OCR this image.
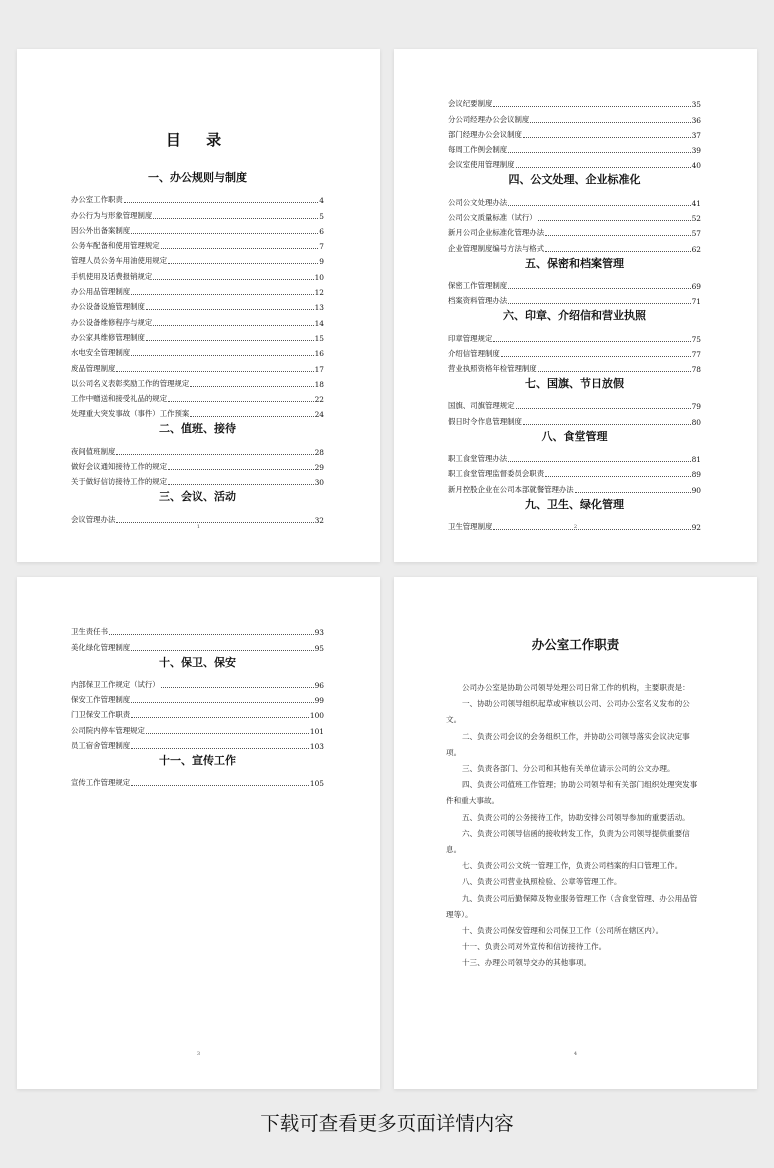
目 录
一、办公规则与制度
办公室工作职责	4
办公行为与形象管理制度	5
因公外出备案制度	6
公务车配备和使用管理规定	7
管理人员公务车用油使用规定	9
手机使用及话费报销规定	10
办公用品管理制度	12
办公设备设施管理制度	13
办公设备维修程序与规定	14
办公家具维修管理制度	15
水电安全管理制度	16
废品管理制度	17
以公司名义表彰奖励工作的管理规定	18
工作中赠送和接受礼品的规定	22
处理重大突发事故（事件）工作预案	24
二、值班、接待
夜间值班制度	28
做好会议通知接待工作的规定	29
关于做好信访接待工作的规定	30
三、会议、活动
会议管理办法	32
1
会议纪要制度	35
分公司经理办公会议制度	36
部门经理办公会议制度	37
每周工作例会制度	39
会议室使用管理制度	40
四、公文处理、企业标准化
公司公文处理办法	41
公司公文质量标准（试行）	52
新月公司企业标准化管理办法	57
企业管理制度编号方法与格式	62
五、保密和档案管理
保密工作管理制度	69
档案资料管理办法	71
六、印章、介绍信和营业执照
印章管理规定	75
介绍信管理制度	77
营业执照资格年检管理制度	78
七、国旗、节日放假
国旗、司旗管理规定	79
假日时令作息管理制度	80
八、食堂管理
职工食堂管理办法	81
职工食堂管理监督委员会职责	89
新月控股企业在公司本部就餐管理办法	90
九、卫生、绿化管理
卫生管理制度	92
2
卫生责任书	93
美化绿化管理制度	95
十、保卫、保安
内部保卫工作规定（试行）	96
保安工作管理制度	99
门卫保安工作职责	100
公司院内停车管理规定	101
员工宿舍管理制度	103
十一、宣传工作
宣传工作管理规定	105
3
办公室工作职责

公司办公室是协助公司领导处理公司日常工作的机构，主要职责是：

一、协助公司领导组织起草或审核以公司、公司办公室名义发布的公文。

二、负责公司会议的会务组织工作，并协助公司领导落实会议决定事项。

三、负责各部门、分公司和其他有关单位请示公司的公文办理。

四、负责公司值班工作管理；协助公司领导和有关部门组织处理突发事件和重大事故。

五、负责公司的公务接待工作，协助安排公司领导参加的重要活动。

六、负责公司领导信函的接收转发工作，负责为公司领导提供重要信息。

七、负责公司公文统一管理工作，负责公司档案的归口管理工作。

八、负责公司营业执照检验、公章等管理工作。

九、负责公司后勤保障及物业服务管理工作（含食堂管理、办公用品管理等）。

十、负责公司保安管理和公司保卫工作（公司所在辖区内）。

十一、负责公司对外宣传和信访接待工作。

十三、办理公司领导交办的其他事项。

4
下载可查看更多页面详情内容
